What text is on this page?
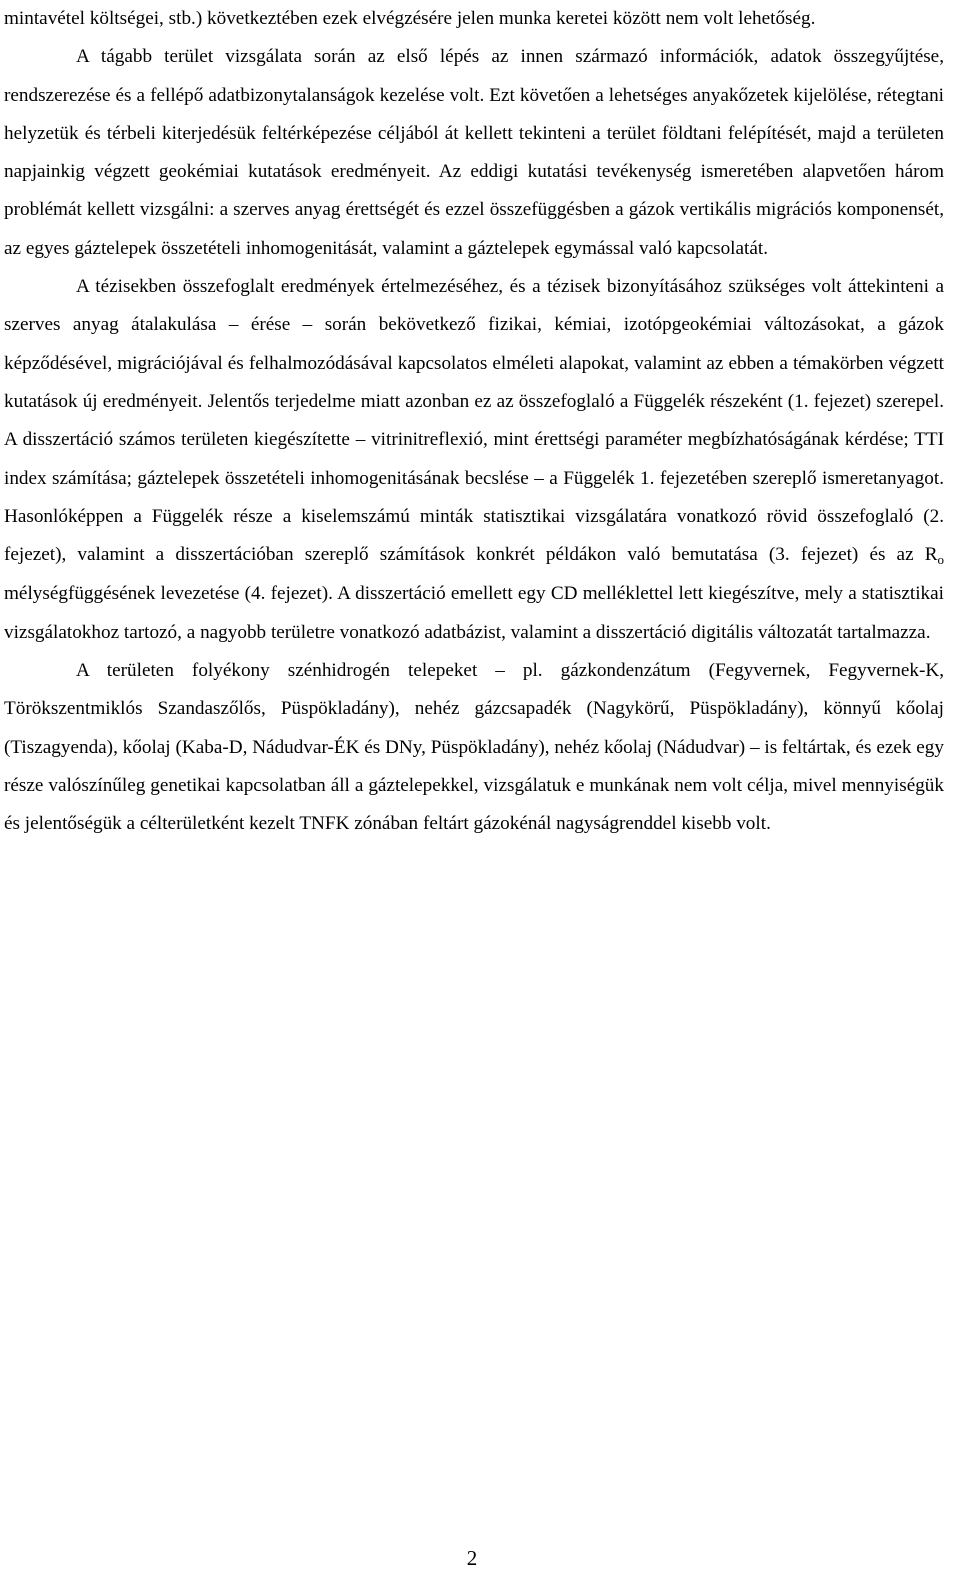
mintavétel költségei, stb.) következtében ezek elvégzésére jelen munka keretei között nem volt lehetőség.

A tágabb terület vizsgálata során az első lépés az innen származó információk, adatok összegyűjtése, rendszerezése és a fellépő adatbizonytalanságok kezelése volt. Ezt követően a lehetséges anyakőzetek kijelölése, rétegtani helyzetük és térbeli kiterjedésük feltérképezése céljából át kellett tekinteni a terület földtani felépítését, majd a területen napjainkig végzett geokémiai kutatások eredményeit. Az eddigi kutatási tevékenység ismeretében alapvetően három problémát kellett vizsgálni: a szerves anyag érettségét és ezzel összefüggésben a gázok vertikális migrációs komponensét, az egyes gáztelepek összetételi inhomogenitását, valamint a gáztelepek egymással való kapcsolatát.

A tézisekben összefoglalt eredmények értelmezéséhez, és a tézisek bizonyításához szükséges volt áttekinteni a szerves anyag átalakulása – érése – során bekövetkező fizikai, kémiai, izotópgeokémiai változásokat, a gázok képződésével, migrációjával és felhalmozódásával kapcsolatos elméleti alapokat, valamint az ebben a témakörben végzett kutatások új eredményeit. Jelentős terjedelme miatt azonban ez az összefoglaló a Függelék részeként (1. fejezet) szerepel. A disszertáció számos területen kiegészítette – vitrinitreflexió, mint érettségi paraméter megbízhatóságának kérdése; TTI index számítása; gáztelepek összetételi inhomogenitásának becslése – a Függelék 1. fejezetében szereplő ismeretanyagot. Hasonlóképpen a Függelék része a kiselemszámú minták statisztikai vizsgálatára vonatkozó rövid összefoglaló (2. fejezet), valamint a disszertációban szereplő számítások konkrét példákon való bemutatása (3. fejezet) és az $R_o$ mélységfüggésének levezetése (4. fejezet). A disszertáció emellett egy CD melléklettel lett kiegészítve, mely a statisztikai vizsgálatokhoz tartozó, a nagyobb területre vonatkozó adatbázist, valamint a disszertáció digitális változatát tartalmazza.

A területen folyékony szénhidrogén telepeket – pl. gázkondenzátum (Fegyvernek, Fegyvernek-K, Törökszentmiklós Szandaszőlős, Püspökladány), nehéz gázcsapadék (Nagykörű, Püspökladány), könnyű kőolaj (Tiszagyenda), kőolaj (Kaba-D, Nádudvar-ÉK és DNy, Püspökladány), nehéz kőolaj (Nádudvar) – is feltártak, és ezek egy része valószínűleg genetikai kapcsolatban áll a gáztelepekkel, vizsgálatuk e munkának nem volt célja, mivel mennyiségük és jelentőségük a célterületként kezelt TNFK zónában feltárt gázokénál nagyságrenddel kisebb volt.

2
